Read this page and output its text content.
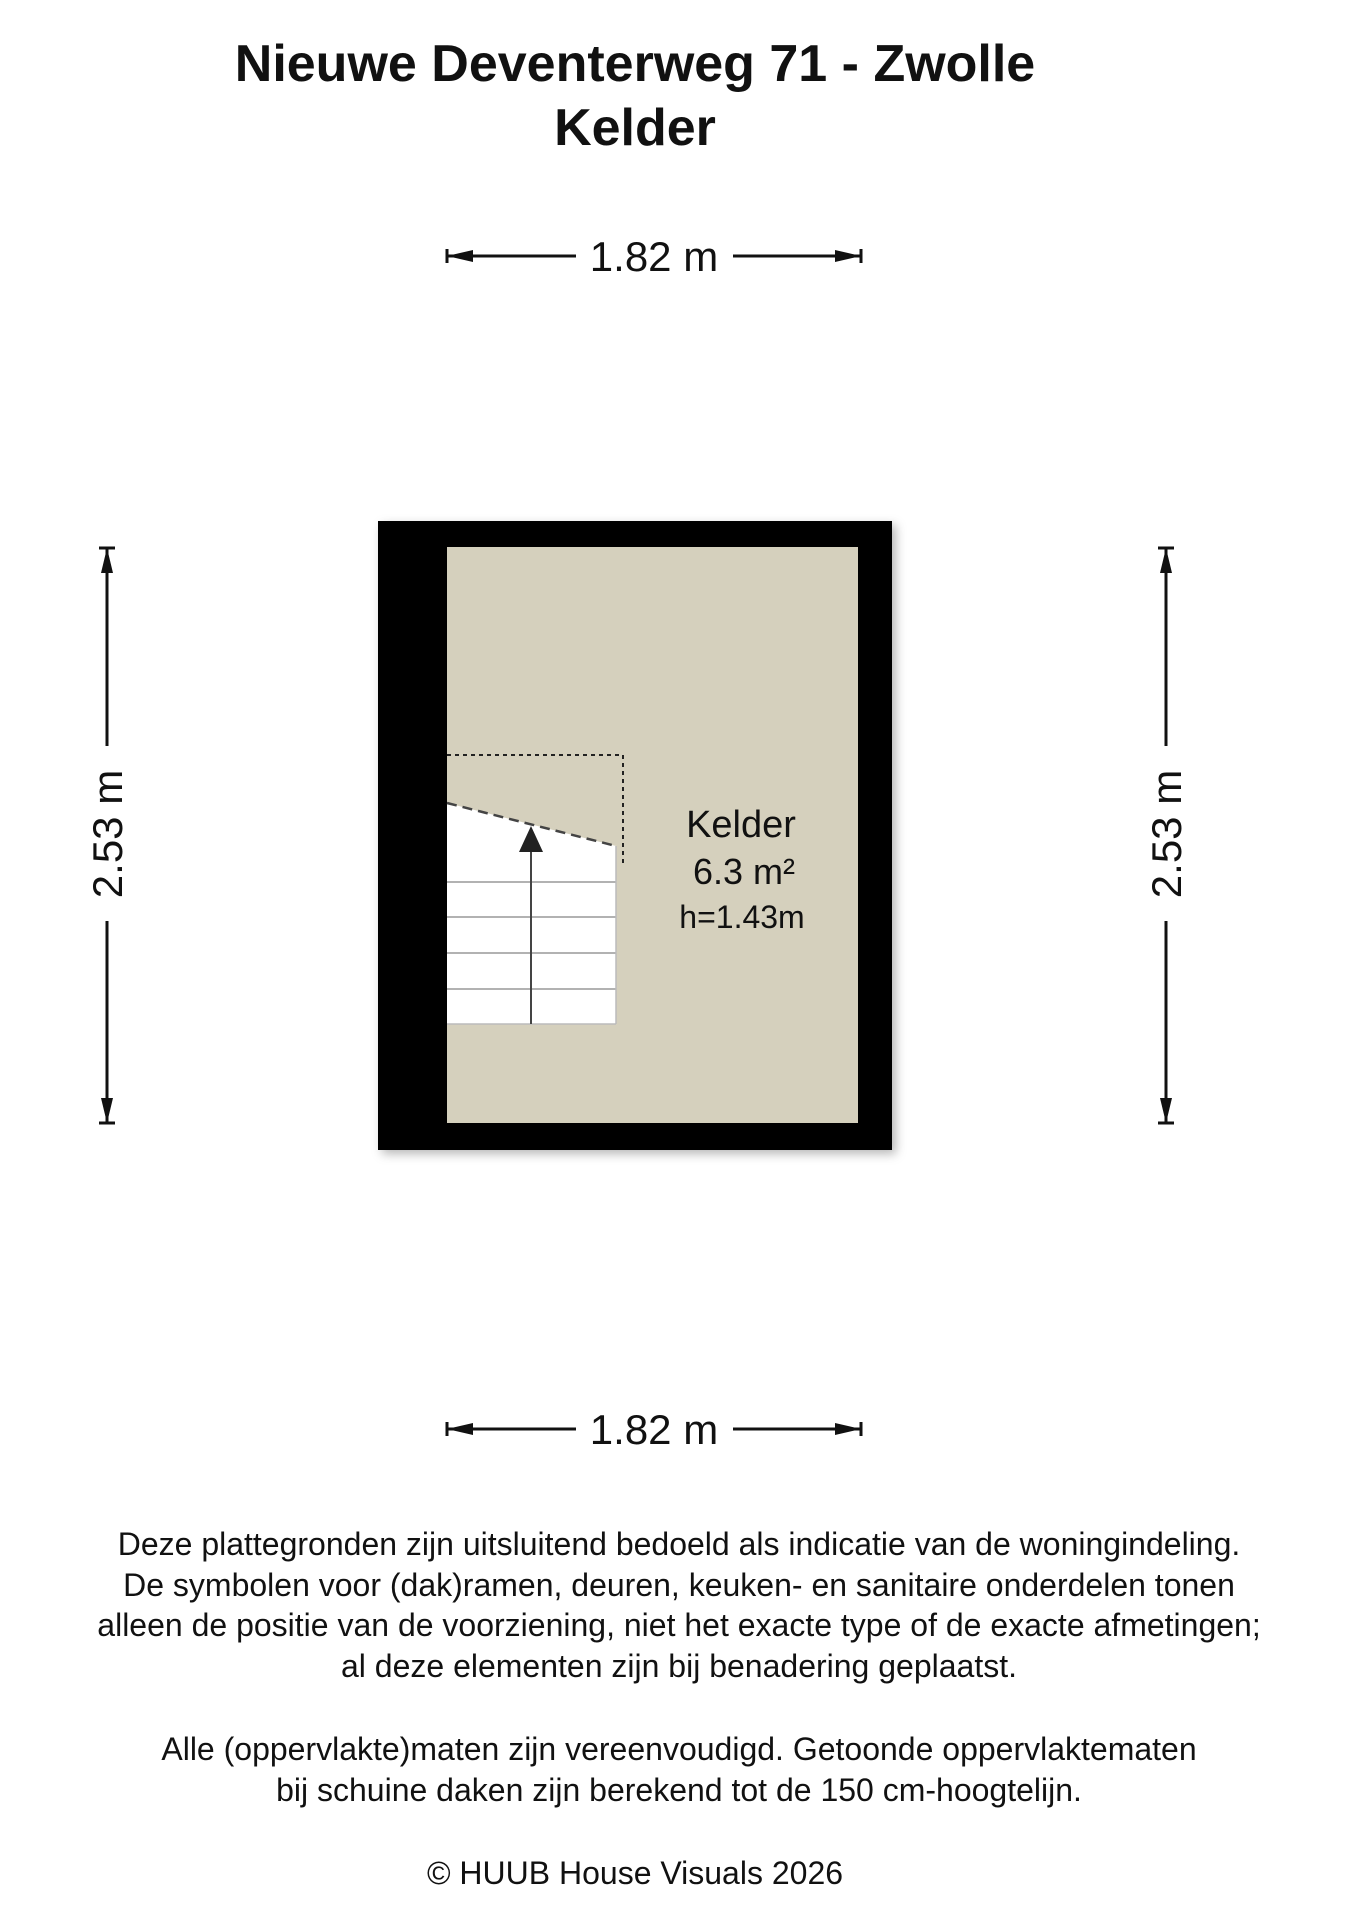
Nieuwe Deventerweg 71 - Zwolle
Kelder
1.82 m
1.82 m
2.53 m	2.53 m
Kelder
6.3 m²
h=1.43m

Deze plattegronden zijn uitsluitend bedoeld als indicatie van de woningindeling.

De symbolen voor (dak)ramen, deuren, keuken- en sanitaire onderdelen tonen

alleen de positie van de voorziening, niet het exacte type of de exacte afmetingen;

al deze elementen zijn bij benadering geplaatst.

Alle (oppervlakte)maten zijn vereenvoudigd. Getoonde oppervlaktematen

bij schuine daken zijn berekend tot de 150 cm-hoogtelijn.

© HUUB House Visuals 2026
